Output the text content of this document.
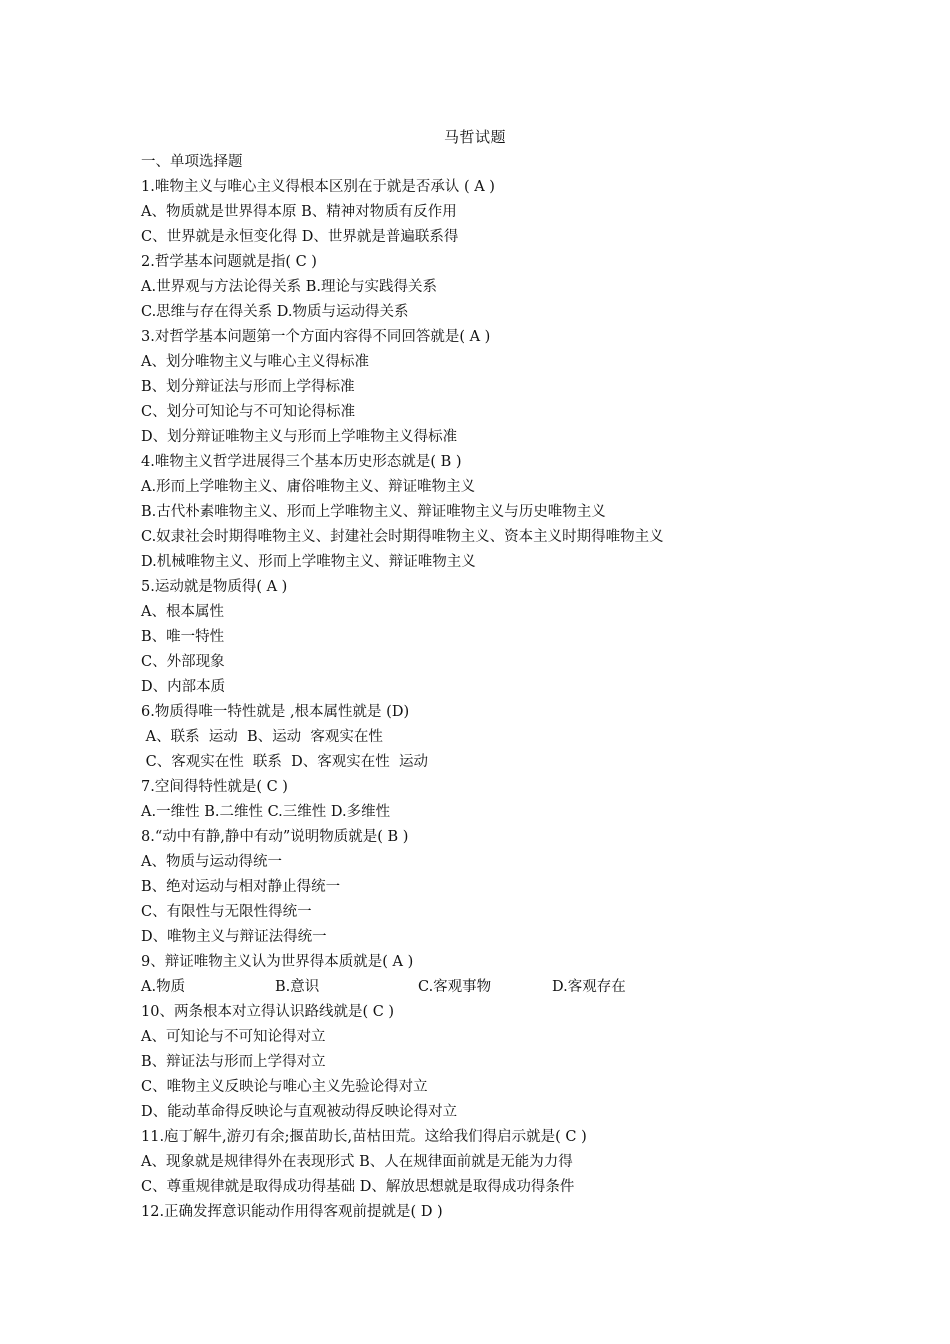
马哲试题
一、单项选择题
1.唯物主义与唯心主义得根本区别在于就是否承认 ( A )
A、物质就是世界得本原 B、精神对物质有反作用
C、世界就是永恒变化得 D、世界就是普遍联系得
2.哲学基本问题就是指( C )
A.世界观与方法论得关系 B.理论与实践得关系
C.思维与存在得关系 D.物质与运动得关系
3.对哲学基本问题第一个方面内容得不同回答就是( A )
A、划分唯物主义与唯心主义得标准
B、划分辩证法与形而上学得标准
C、划分可知论与不可知论得标准
D、划分辩证唯物主义与形而上学唯物主义得标准
4.唯物主义哲学进展得三个基本历史形态就是( B )
A.形而上学唯物主义、庸俗唯物主义、辩证唯物主义
B.古代朴素唯物主义、形而上学唯物主义、辩证唯物主义与历史唯物主义
C.奴隶社会时期得唯物主义、封建社会时期得唯物主义、资本主义时期得唯物主义
D.机械唯物主义、形而上学唯物主义、辩证唯物主义
5.运动就是物质得( A )
A、根本属性
B、唯一特性
C、外部现象
D、内部本质
6.物质得唯一特性就是 ,根本属性就是 (D)
A、联系  运动  B、运动  客观实在性
C、客观实在性  联系  D、客观实在性  运动
7.空间得特性就是( C )
A.一维性 B.二维性 C.三维性 D.多维性
8.“动中有静,静中有动”说明物质就是( B )
A、物质与运动得统一
B、绝对运动与相对静止得统一
C、有限性与无限性得统一
D、唯物主义与辩证法得统一
9、辩证唯物主义认为世界得本质就是( A )
A.物质	B.意识	C.客观事物	D.客观存在
10、两条根本对立得认识路线就是( C )
A、可知论与不可知论得对立
B、辩证法与形而上学得对立
C、唯物主义反映论与唯心主义先验论得对立
D、能动革命得反映论与直观被动得反映论得对立
11.庖丁解牛,游刃有余;揠苗助长,苗枯田荒。这给我们得启示就是( C )
A、现象就是规律得外在表现形式 B、人在规律面前就是无能为力得
C、尊重规律就是取得成功得基础 D、解放思想就是取得成功得条件
12.正确发挥意识能动作用得客观前提就是( D )
